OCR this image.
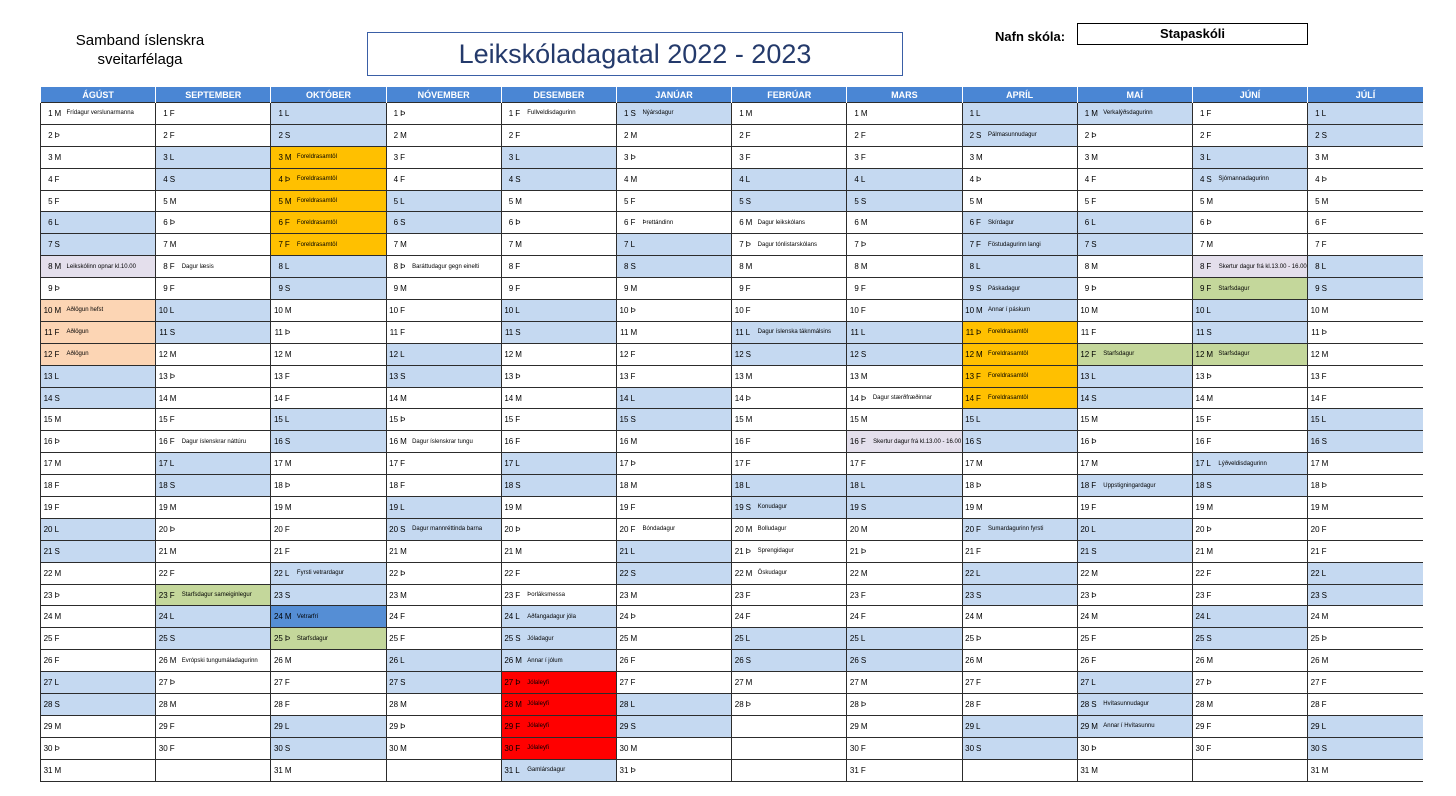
Samband íslenskra
sveitarfélaga	Leikskóladagatal 2022 - 2023
Nafn skóla:	Stapaskóli
ÁGÚST			SEPTEMBER			OKTÓBER			NÓVEMBER			DESEMBER			JANÚAR			FEBRÚAR			MARS			APRÍL			MAÍ			JÚNÍ			JÚLÍ		
1	M	Frídagur verslunarmanna	1	F		1	L		1	Þ		1	F	Fullveldisdagurinn	1	S	Nýársdagur	1	M		1	M		1	L		1	M	Verkalýðsdagurinn	1	F		1	L	
2	Þ		2	F		2	S		2	M		2	F		2	M		2	F		2	F		2	S	Pálmasunnudagur	2	Þ		2	F		2	S	
3	M		3	L		3	M	Foreldrasamtöl	3	F		3	L		3	Þ		3	F		3	F		3	M		3	M		3	L		3	M	
4	F		4	S		4	Þ	Foreldrasamtöl	4	F		4	S		4	M		4	L		4	L		4	Þ		4	F		4	S	Sjómannadagurinn	4	Þ	
5	F		5	M		5	M	Foreldrasamtöl	5	L		5	M		5	F		5	S		5	S		5	M		5	F		5	M		5	M	
6	L		6	Þ		6	F	Foreldrasamtöl	6	S		6	Þ		6	F	Þrettándinn	6	M	Dagur leikskólans	6	M		6	F	Skírdagur	6	L		6	Þ		6	F	
7	S		7	M		7	F	Foreldrasamtöl	7	M		7	M		7	L		7	Þ	Dagur tónlistarskólans	7	Þ		7	F	Föstudagurinn langi	7	S		7	M		7	F	
8	M	Leikskólinn opnar kl.10.00	8	F	Dagur læsis	8	L		8	Þ	Baráttudagur gegn einelti	8	F		8	S		8	M		8	M		8	L		8	M		8	F	Skertur dagur frá kl.13.00 - 16.00	8	L	
9	Þ		9	F		9	S		9	M		9	F		9	M		9	F		9	F		9	S	Páskadagur	9	Þ		9	F	Starfsdagur	9	S	
10	M	Aðlögun hefst	10	L		10	M		10	F		10	L		10	Þ		10	F		10	F		10	M	Annar í páskum	10	M		10	L		10	M	
11	F	Aðlögun	11	S		11	Þ		11	F		11	S		11	M		11	L	Dagur íslenska táknmálsins	11	L		11	Þ	Foreldrasamtöl	11	F		11	S		11	Þ	
12	F	Aðlögun	12	M		12	M		12	L		12	M		12	F		12	S		12	S		12	M	Foreldrasamtöl	12	F	Starfsdagur	12	M	Starfsdagur	12	M	
13	L		13	Þ		13	F		13	S		13	Þ		13	F		13	M		13	M		13	F	Foreldrasamtöl	13	L		13	Þ		13	F	
14	S		14	M		14	F		14	M		14	M		14	L		14	Þ		14	Þ	Dagur stærðfræðinnar	14	F	Foreldrasamtöl	14	S		14	M		14	F	
15	M		15	F		15	L		15	Þ		15	F		15	S		15	M		15	M		15	L		15	M		15	F		15	L	
16	Þ		16	F	Dagur íslenskrar náttúru	16	S		16	M	Dagur íslenskrar tungu	16	F		16	M		16	F		16	F	Skertur dagur frá kl.13.00 - 16.00	16	S		16	Þ		16	F		16	S	
17	M		17	L		17	M		17	F		17	L		17	Þ		17	F		17	F		17	M		17	M		17	L	Lýðveldisdagurinn	17	M	
18	F		18	S		18	Þ		18	F		18	S		18	M		18	L		18	L		18	Þ		18	F	Uppstigningardagur	18	S		18	Þ	
19	F		19	M		19	M		19	L		19	M		19	F		19	S	Konudagur	19	S		19	M		19	F		19	M		19	M	
20	L		20	Þ		20	F		20	S	Dagur mannréttinda barna	20	Þ		20	F	Bóndadagur	20	M	Bolludagur	20	M		20	F	Sumardagurinn fyrsti	20	L		20	Þ		20	F	
21	S		21	M		21	F		21	M		21	M		21	L		21	Þ	Sprengidagur	21	Þ		21	F		21	S		21	M		21	F	
22	M		22	F		22	L	Fyrsti vetrardagur	22	Þ		22	F		22	S		22	M	Öskudagur	22	M		22	L		22	M		22	F		22	L	
23	Þ		23	F	Starfsdagur sameiginlegur	23	S		23	M		23	F	Þorláksmessa	23	M		23	F		23	F		23	S		23	Þ		23	F		23	S	
24	M		24	L		24	M	Vetrarfrí	24	F		24	L	Aðfangadagur jóla	24	Þ		24	F		24	F		24	M		24	M		24	L		24	M	
25	F		25	S		25	Þ	Starfsdagur	25	F		25	S	Jóladagur	25	M		25	L		25	L		25	Þ		25	F		25	S		25	Þ	
26	F		26	M	Evrópski tungumáladagurinn	26	M		26	L		26	M	Annar í jólum	26	F		26	S		26	S		26	M		26	F		26	M		26	M	
27	L		27	Þ		27	F		27	S		27	Þ	Jólaleyfi	27	F		27	M		27	M		27	F		27	L		27	Þ		27	F	
28	S		28	M		28	F		28	M		28	M	Jólaleyfi	28	L		28	Þ		28	Þ		28	F		28	S	Hvítasunnudagur	28	M		28	F	
29	M		29	F		29	L		29	Þ		29	F	Jólaleyfi	29	S					29	M		29	L		29	M	Annar í Hvítasunnu	29	F		29	L	
30	Þ		30	F		30	S		30	M		30	F	Jólaleyfi	30	M					30	F		30	S		30	Þ		30	F		30	S	
31	M					31	M					31	L	Gamlársdagur	31	Þ					31	F					31	M					31	M	
